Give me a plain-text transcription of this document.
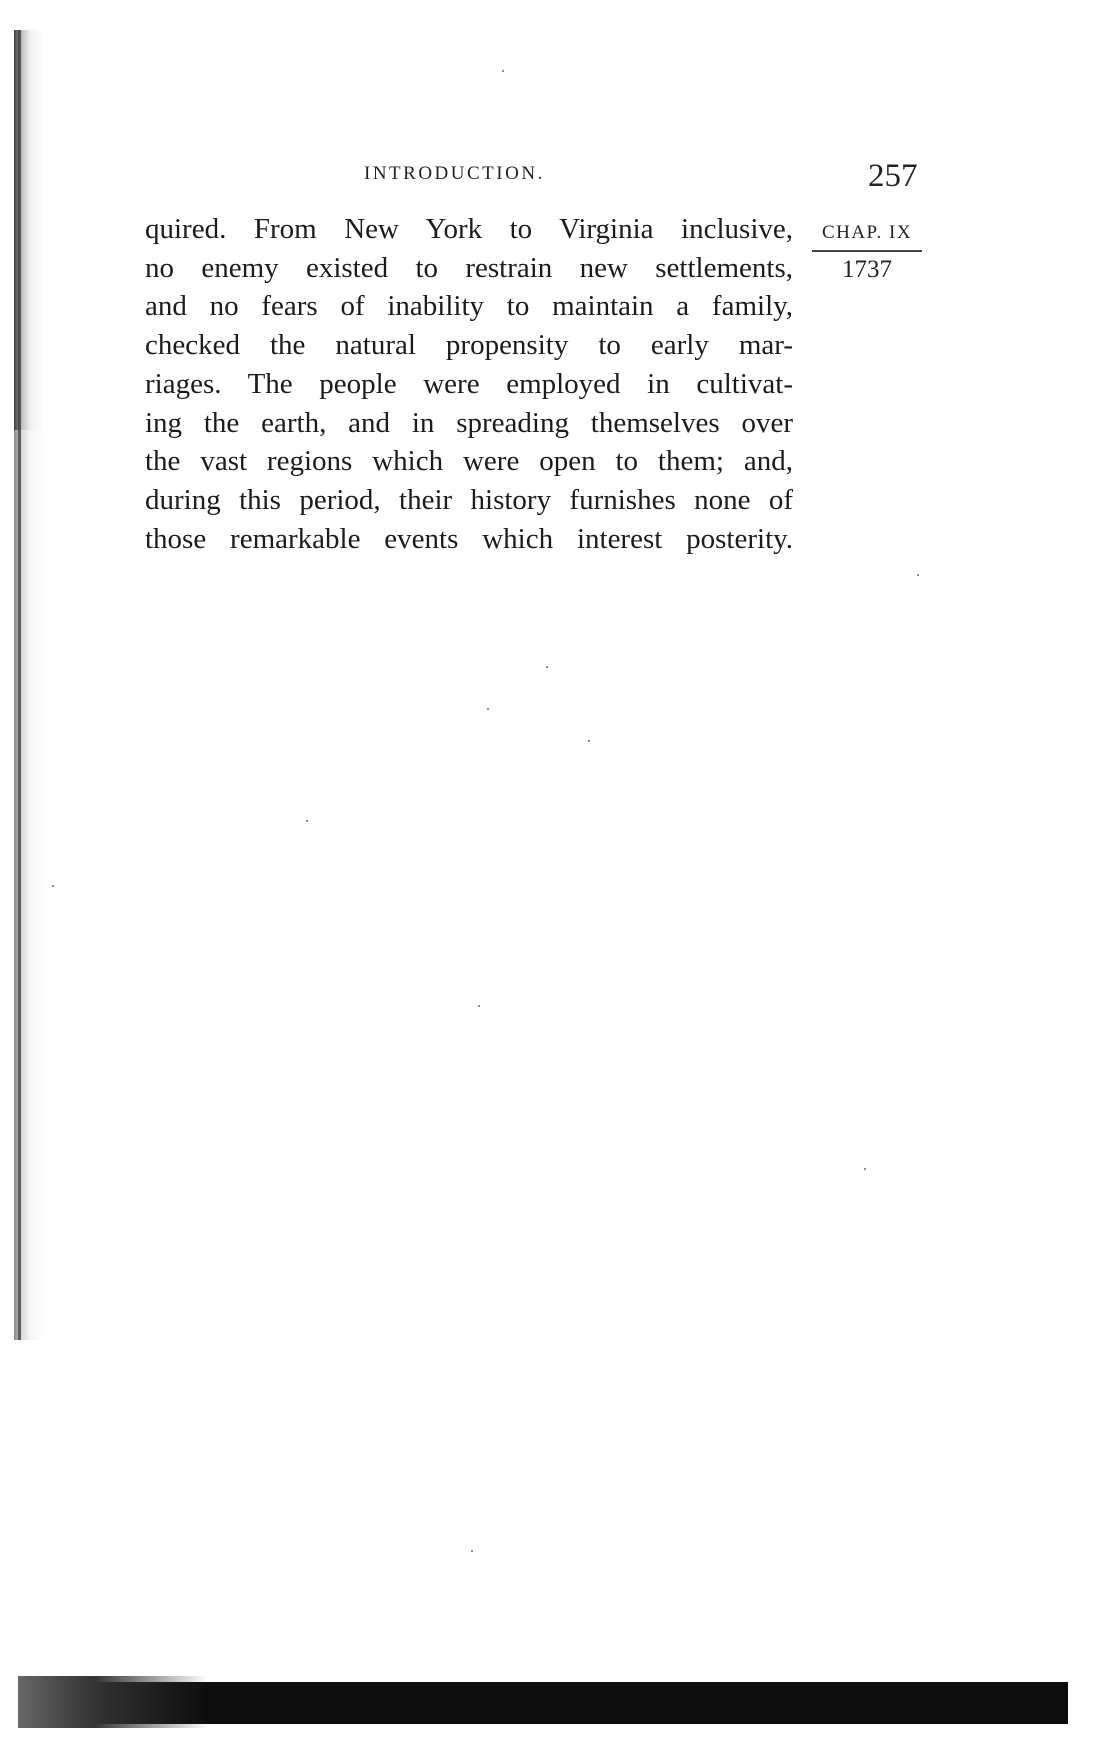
INTRODUCTION.	257
quired. From New York to Virginia inclusive,
no enemy existed to restrain new settlements,
and no fears of inability to maintain a family,
checked the natural propensity to early mar-
riages. The people were employed in cultivat-
ing the earth, and in spreading themselves over
the vast regions which were open to them; and,
during this period, their history furnishes none of
those remarkable events which interest posterity.
CHAP. IX
1737
